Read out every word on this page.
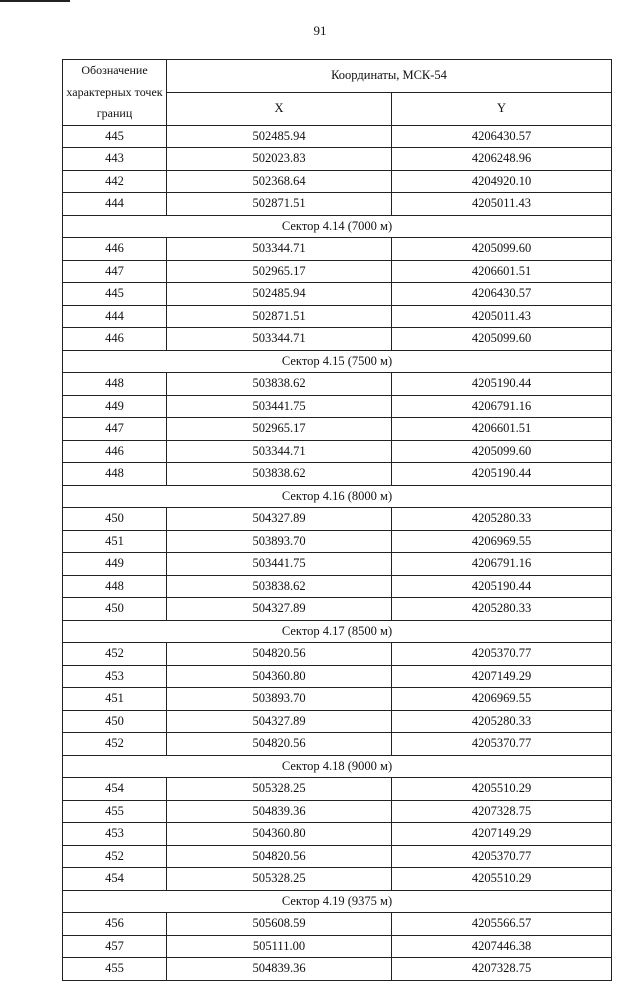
91
Обозначение характерных точек границ	Координаты, МСК-54	
	X	Y
445	502485.94	4206430.57
443	502023.83	4206248.96
442	502368.64	4204920.10
444	502871.51	4205011.43
Сектор 4.14 (7000 м)		
446	503344.71	4205099.60
447	502965.17	4206601.51
445	502485.94	4206430.57
444	502871.51	4205011.43
446	503344.71	4205099.60
Сектор 4.15 (7500 м)		
448	503838.62	4205190.44
449	503441.75	4206791.16
447	502965.17	4206601.51
446	503344.71	4205099.60
448	503838.62	4205190.44
Сектор 4.16 (8000 м)		
450	504327.89	4205280.33
451	503893.70	4206969.55
449	503441.75	4206791.16
448	503838.62	4205190.44
450	504327.89	4205280.33
Сектор 4.17 (8500 м)		
452	504820.56	4205370.77
453	504360.80	4207149.29
451	503893.70	4206969.55
450	504327.89	4205280.33
452	504820.56	4205370.77
Сектор 4.18 (9000 м)		
454	505328.25	4205510.29
455	504839.36	4207328.75
453	504360.80	4207149.29
452	504820.56	4205370.77
454	505328.25	4205510.29
Сектор 4.19 (9375 м)		
456	505608.59	4205566.57
457	505111.00	4207446.38
455	504839.36	4207328.75
